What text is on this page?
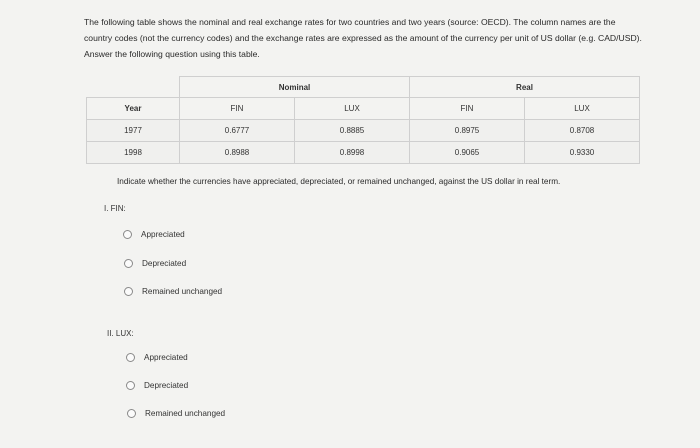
The following table shows the nominal and real exchange rates for two countries and two years (source: OECD). The column names are the country codes (not the currency codes) and the exchange rates are expressed as the amount of the currency per unit of US dollar (e.g. CAD/USD). Answer the following question using this table.
	Nominal		Real	
Year	FIN	LUX	FIN	LUX
1977	0.6777	0.8885	0.8975	0.8708
1998	0.8988	0.8998	0.9065	0.9330
Indicate whether the currencies have appreciated, depreciated, or remained unchanged, against the US dollar in real term.
I. FIN:
Appreciated
Depreciated
Remained unchanged
II. LUX:
Appreciated
Depreciated
Remained unchanged
